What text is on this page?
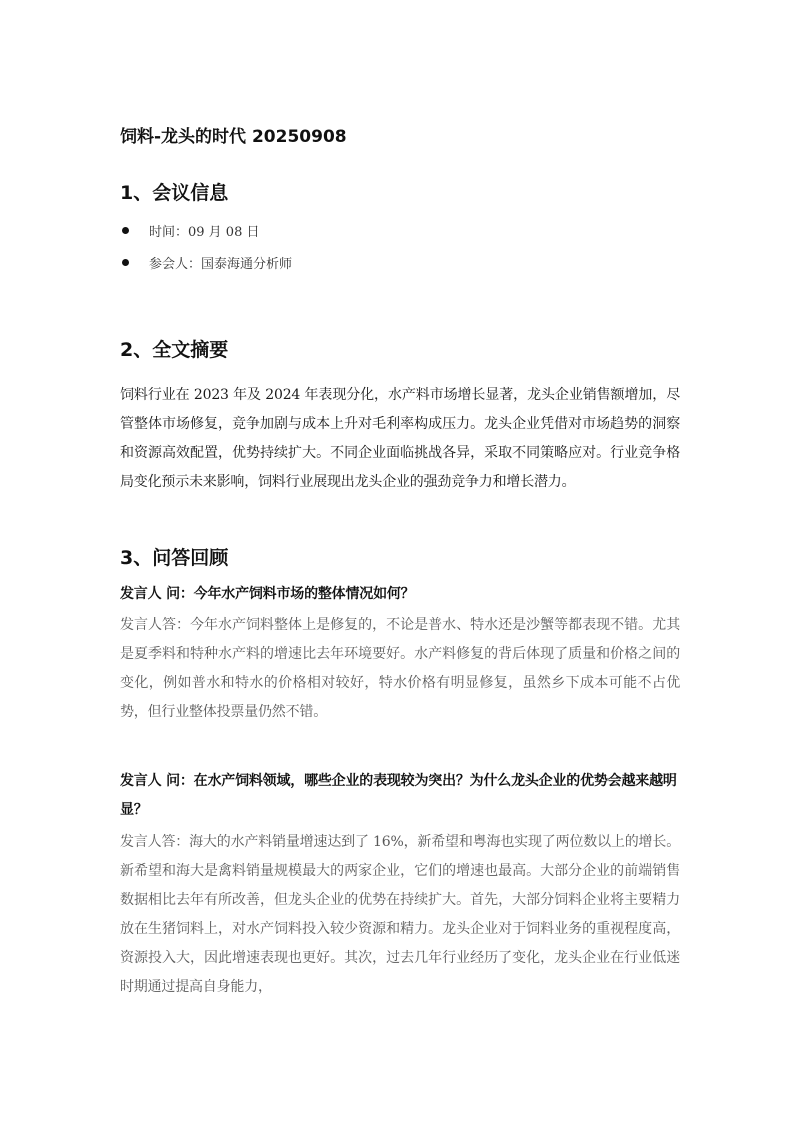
饲料-龙头的时代 20250908
1、会议信息
时间：09 月 08 日
参会人：国泰海通分析师
2、全文摘要

饲料行业在 2023 年及 2024 年表现分化，水产料市场增长显著，龙头企业销售额增加，尽管整体市场修复，竞争加剧与成本上升对毛利率构成压力。龙头企业凭借对市场趋势的洞察和资源高效配置，优势持续扩大。不同企业面临挑战各异，采取不同策略应对。行业竞争格局变化预示未来影响，饲料行业展现出龙头企业的强劲竞争力和增长潜力。

3、问答回顾
发言人 问：今年水产饲料市场的整体情况如何？

发言人答：今年水产饲料整体上是修复的，不论是普水、特水还是沙蟹等都表现不错。尤其是夏季料和特种水产料的增速比去年环境要好。水产料修复的背后体现了质量和价格之间的变化，例如普水和特水的价格相对较好，特水价格有明显修复，虽然乡下成本可能不占优势，但行业整体投票量仍然不错。

发言人 问：在水产饲料领域，哪些企业的表现较为突出？为什么龙头企业的优势会越来越明显？

发言人答：海大的水产料销量增速达到了 16%，新希望和粤海也实现了两位数以上的增长。新希望和海大是禽料销量规模最大的两家企业，它们的增速也最高。大部分企业的前端销售数据相比去年有所改善，但龙头企业的优势在持续扩大。首先，大部分饲料企业将主要精力放在生猪饲料上，对水产饲料投入较少资源和精力。龙头企业对于饲料业务的重视程度高，资源投入大，因此增速表现也更好。其次，过去几年行业经历了变化，龙头企业在行业低迷时期通过提高自身能力，
